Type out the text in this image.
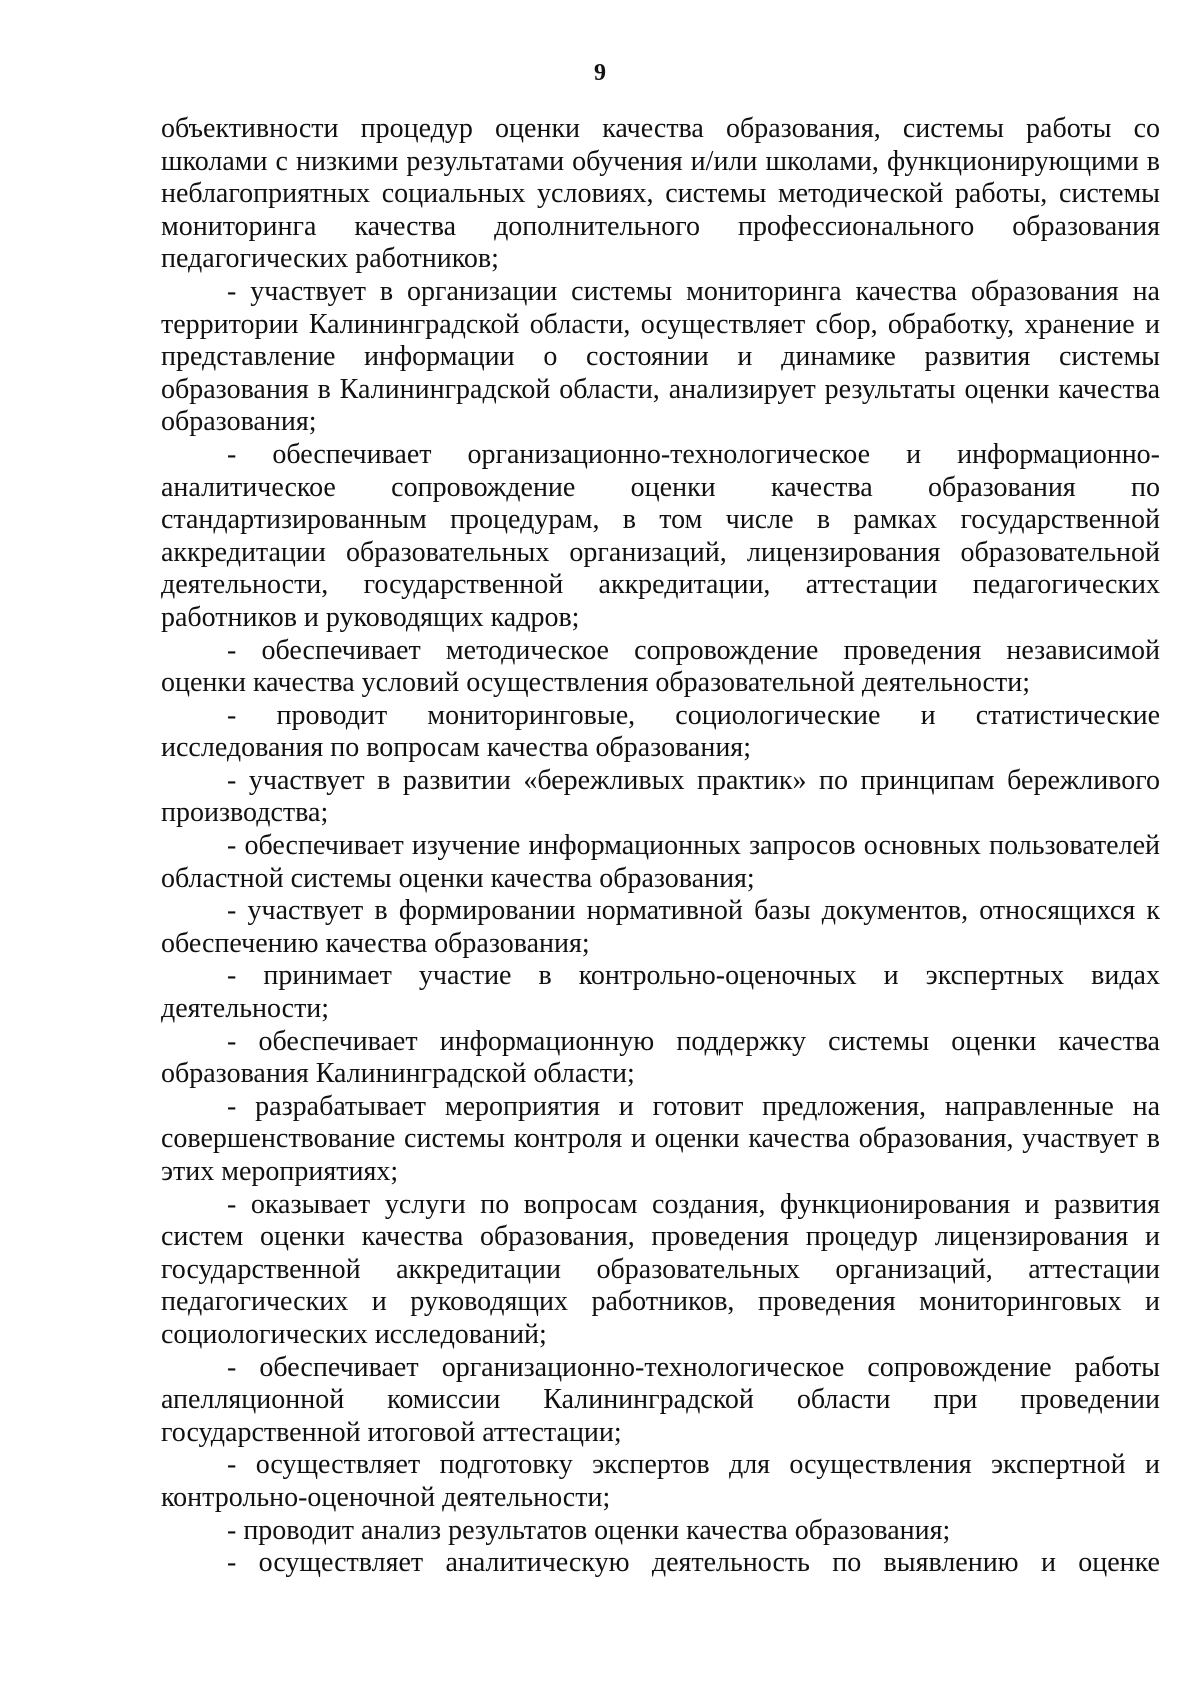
9

объективности процедур оценки качества образования, системы работы со школами с низкими результатами обучения и/или школами, функционирующими в неблагоприятных социальных условиях, системы методической работы, системы мониторинга качества дополнительного профессионального образования педагогических работников;

- участвует в организации системы мониторинга качества образования на территории Калининградской области, осуществляет сбор, обработку, хранение и представление информации о состоянии и динамике развития системы образования в Калининградской области, анализирует результаты оценки качества образования;

- обеспечивает организационно-технологическое и информационно-аналитическое сопровождение оценки качества образования по стандартизированным процедурам, в том числе в рамках государственной аккредитации образовательных организаций, лицензирования образовательной деятельности, государственной аккредитации, аттестации педагогических работников и руководящих кадров;

- обеспечивает методическое сопровождение проведения независимой оценки качества условий осуществления образовательной деятельности;

- проводит мониторинговые, социологические и статистические исследования по вопросам качества образования;

- участвует в развитии «бережливых практик» по принципам бережливого производства;

- обеспечивает изучение информационных запросов основных пользователей областной системы оценки качества образования;

- участвует в формировании нормативной базы документов, относящихся к обеспечению качества образования;

- принимает участие в контрольно-оценочных и экспертных видах деятельности;

- обеспечивает информационную поддержку системы оценки качества образования Калининградской области;

- разрабатывает мероприятия и готовит предложения, направленные на совершенствование системы контроля и оценки качества образования, участвует в этих мероприятиях;

- оказывает услуги по вопросам создания, функционирования и развития систем оценки качества образования, проведения процедур лицензирования и государственной аккредитации образовательных организаций, аттестации педагогических и руководящих работников, проведения мониторинговых и социологических исследований;

- обеспечивает организационно-технологическое сопровождение работы апелляционной комиссии Калининградской области при проведении государственной итоговой аттестации;

- осуществляет подготовку экспертов для осуществления экспертной и контрольно-оценочной деятельности;

- проводит анализ результатов оценки качества образования;

- осуществляет аналитическую деятельность по выявлению и оценке
